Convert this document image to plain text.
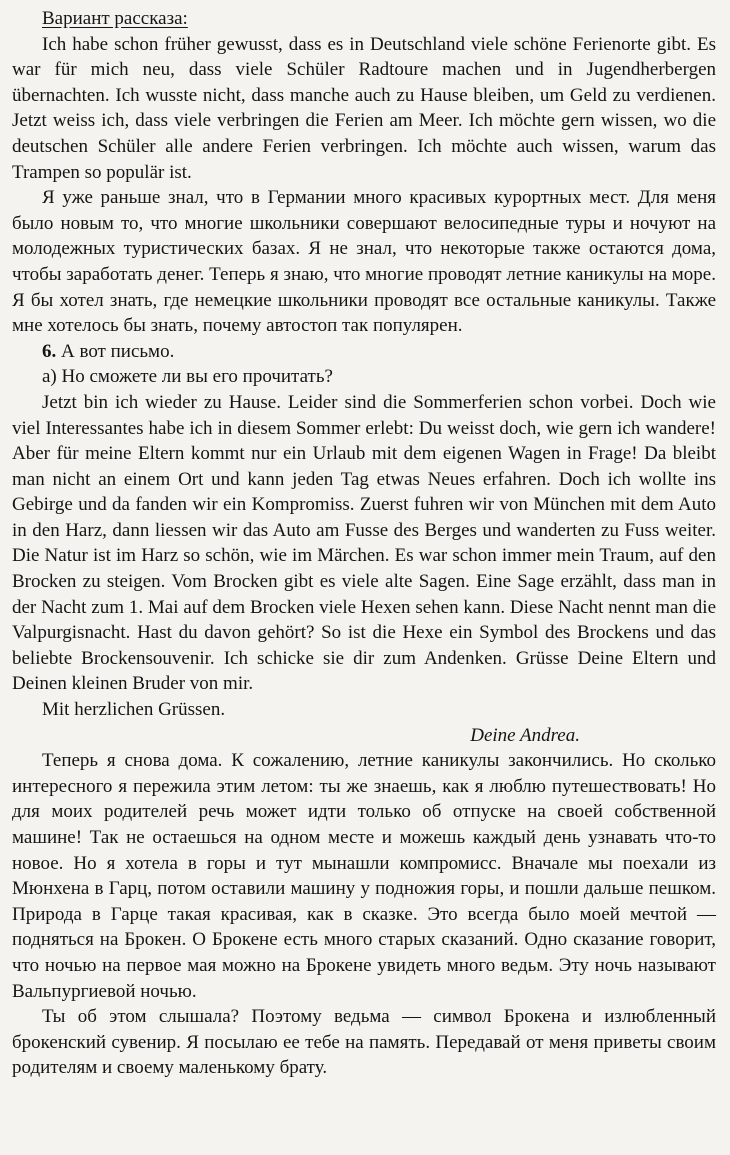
Вариант рассказа:

Ich habe schon früher gewusst, dass es in Deutschland viele schöne Ferienorte gibt. Es war für mich neu, dass viele Schüler Radtoure machen und in Jugendherbergen übernachten. Ich wusste nicht, dass manche auch zu Hause bleiben, um Geld zu verdienen. Jetzt weiss ich, dass viele verbringen die Ferien am Meer. Ich möchte gern wissen, wo die deutschen Schüler alle andere Ferien verbringen. Ich möchte auch wissen, warum das Trampen so populär ist.

Я уже раньше знал, что в Германии много красивых курортных мест. Для меня было новым то, что многие школьники совершают велосипедные туры и ночуют на молодежных туристических базах. Я не знал, что некоторые также остаются дома, чтобы заработать денег. Теперь я знаю, что многие проводят летние каникулы на море. Я бы хотел знать, где немецкие школьники проводят все остальные каникулы. Также мне хотелось бы знать, почему автостоп так популярен.

6. А вот письмо.

а) Но сможете ли вы его прочитать?

Jetzt bin ich wieder zu Hause. Leider sind die Sommerferien schon vorbei. Doch wie viel Interessantes habe ich in diesem Sommer erlebt: Du weisst doch, wie gern ich wandere! Aber für meine Eltern kommt nur ein Urlaub mit dem eigenen Wagen in Frage! Da bleibt man nicht an einem Ort und kann jeden Tag etwas Neues erfahren. Doch ich wollte ins Gebirge und da fanden wir ein Kompromiss. Zuerst fuhren wir von München mit dem Auto in den Harz, dann liessen wir das Auto am Fusse des Berges und wanderten zu Fuss weiter. Die Natur ist im Harz so schön, wie im Märchen. Es war schon immer mein Traum, auf den Brocken zu steigen. Vom Brocken gibt es viele alte Sagen. Eine Sage erzählt, dass man in der Nacht zum 1. Mai auf dem Brocken viele Hexen sehen kann. Diese Nacht nennt man die Valpurgisnacht. Hast du davon gehört? So ist die Hexe ein Symbol des Brockens und das beliebte Brockensouvenir. Ich schicke sie dir zum Andenken. Grüsse Deine Eltern und Deinen kleinen Bruder von mir.

Mit herzlichen Grüssen.

Deine Andrea.

Теперь я снова дома. К сожалению, летние каникулы закончились. Но сколько интересного я пережила этим летом: ты же знаешь, как я люблю путешествовать! Но для моих родителей речь может идти только об отпуске на своей собственной машине! Так не остаешься на одном месте и можешь каждый день узнавать что-то новое. Но я хотела в горы и тут мынашли компромисс. Вначале мы поехали из Мюнхена в Гарц, потом оставили машину у подножия горы, и пошли дальше пешком. Природа в Гарце такая красивая, как в сказке. Это всегда было моей мечтой — подняться на Брокен. О Брокене есть много старых сказаний. Одно сказание говорит, что ночью на первое мая можно на Брокене увидеть много ведьм. Эту ночь называют Вальпургиевой ночью.

Ты об этом слышала? Поэтому ведьма — символ Брокена и излюбленный брокенский сувенир. Я посылаю ее тебе на память. Передавай от меня приветы своим родителям и своему маленькому брату.
